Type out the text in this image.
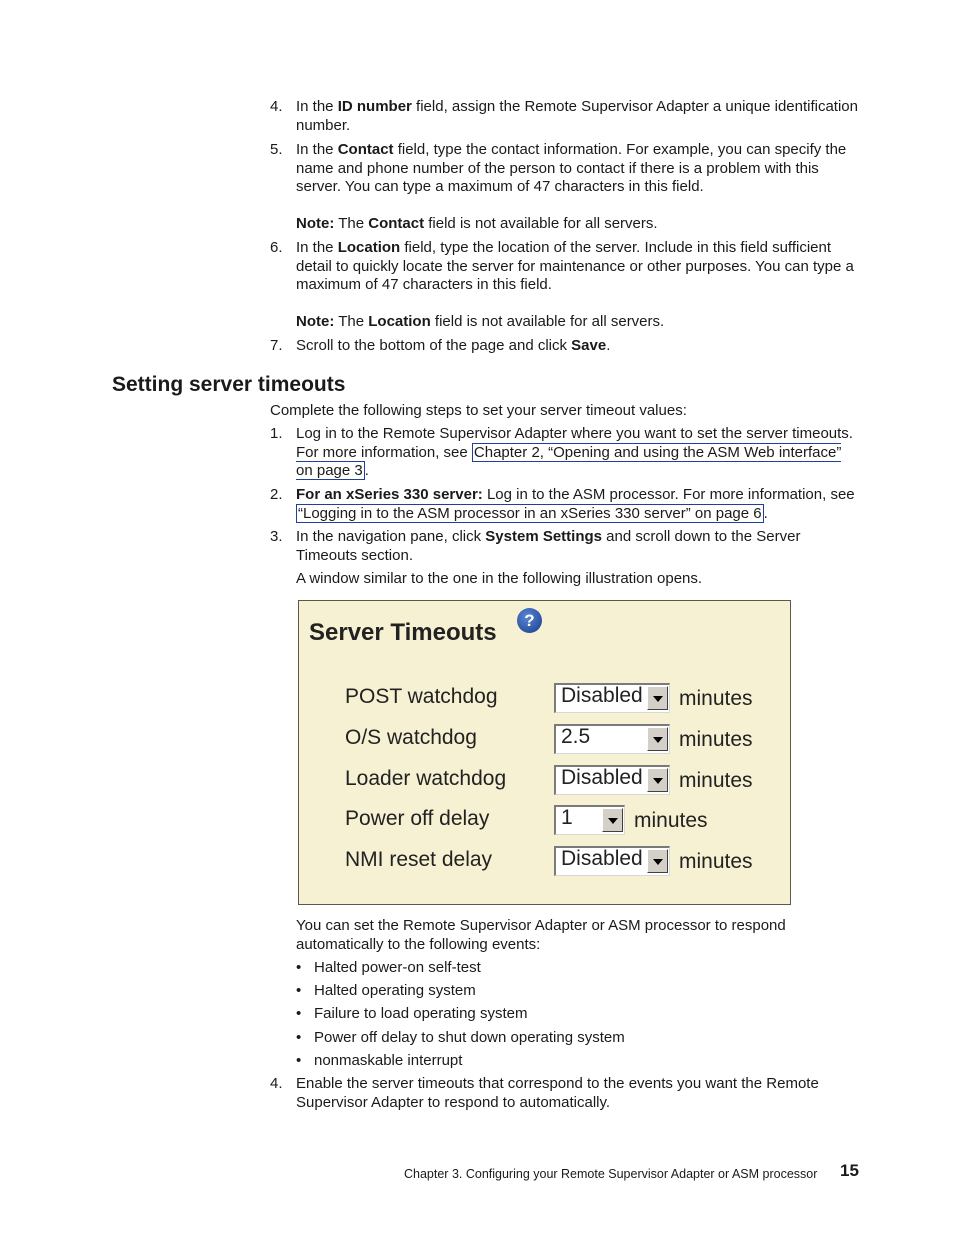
4. In the ID number field, assign the Remote Supervisor Adapter a unique identification number.
5. In the Contact field, type the contact information. For example, you can specify the name and phone number of the person to contact if there is a problem with this server. You can type a maximum of 47 characters in this field.
Note: The Contact field is not available for all servers.
6. In the Location field, type the location of the server. Include in this field sufficient detail to quickly locate the server for maintenance or other purposes. You can type a maximum of 47 characters in this field.
Note: The Location field is not available for all servers.
7. Scroll to the bottom of the page and click Save.
Setting server timeouts
Complete the following steps to set your server timeout values:
1. Log in to the Remote Supervisor Adapter where you want to set the server timeouts. For more information, see Chapter 2, “Opening and using the ASM Web interface” on page 3 .
2. For an xSeries 330 server: Log in to the ASM processor. For more information, see “Logging in to the ASM processor in an xSeries 330 server” on page 6 .
3. In the navigation pane, click System Settings and scroll down to the Server Timeouts section.
A window similar to the one in the following illustration opens.
Server Timeouts	?
POST watchdog	Disabled minutes
O/S watchdog	2.5	minutes
Loader watchdog	Disabled minutes
Power off delay	1	minutes
NMI reset delay	Disabled minutes
You can set the Remote Supervisor Adapter or ASM processor to respond automatically to the following events:
• Halted power-on self-test
• Halted operating system
• Failure to load operating system
• Power off delay to shut down operating system
• nonmaskable interrupt
4. Enable the server timeouts that correspond to the events you want the Remote Supervisor Adapter to respond to automatically.
Chapter 3. Configuring your Remote Supervisor Adapter or ASM processor 15
